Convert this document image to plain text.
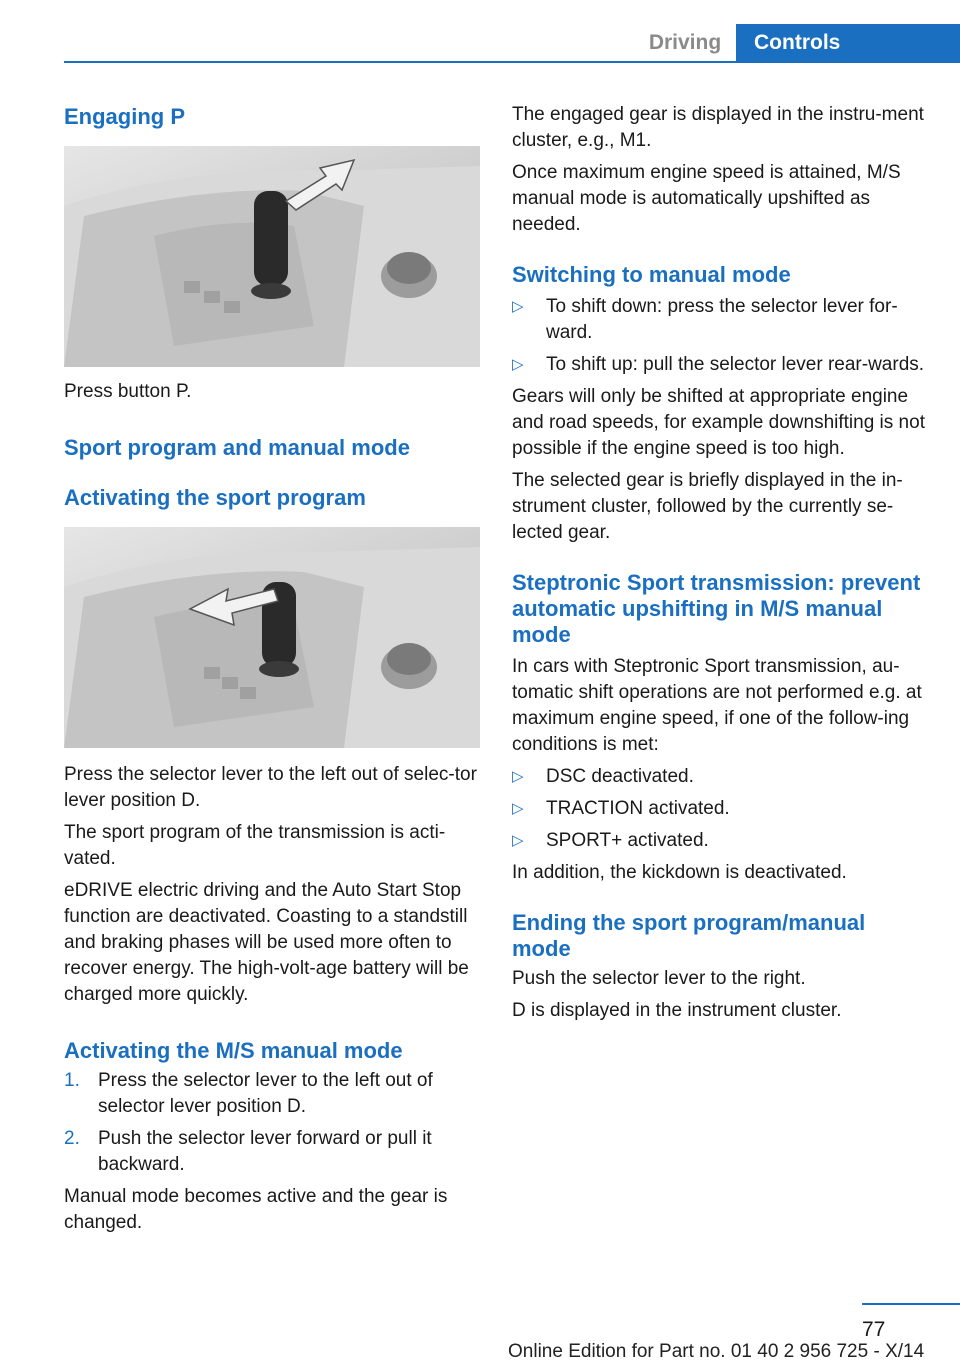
Driving	Controls
Engaging P

Press button P.

Sport program and manual mode
Activating the sport program

Press the selector lever to the left out of selec‐tor lever position D.

The sport program of the transmission is acti‐vated.

eDRIVE electric driving and the Auto Start Stop function are deactivated. Coasting to a standstill and braking phases will be used more often to recover energy. The high-volt‐age battery will be charged more quickly.

Activating the M/S manual mode
1. Press the selector lever to the left out of selector lever position D.
2. Push the selector lever forward or pull it backward.

Manual mode becomes active and the gear is changed.

The engaged gear is displayed in the instru‐ment cluster, e.g., M1.

Once maximum engine speed is attained, M/S manual mode is automatically upshifted as needed.

Switching to manual mode
▷ To shift down: press the selector lever for‐ward.
▷ To shift up: pull the selector lever rear‐wards.

Gears will only be shifted at appropriate engine and road speeds, for example downshifting is not possible if the engine speed is too high.

The selected gear is briefly displayed in the in‐strument cluster, followed by the currently se‐lected gear.

Steptronic Sport transmission: prevent automatic upshifting in M/S manual mode

In cars with Steptronic Sport transmission, au‐tomatic shift operations are not performed e.g. at maximum engine speed, if one of the follow‐ing conditions is met:

▷ DSC deactivated.
▷ TRACTION activated.
▷ SPORT+ activated.

In addition, the kickdown is deactivated.

Ending the sport program/manual mode

Push the selector lever to the right.

D is displayed in the instrument cluster.

77
Online Edition for Part no. 01 40 2 956 725 - X/14
